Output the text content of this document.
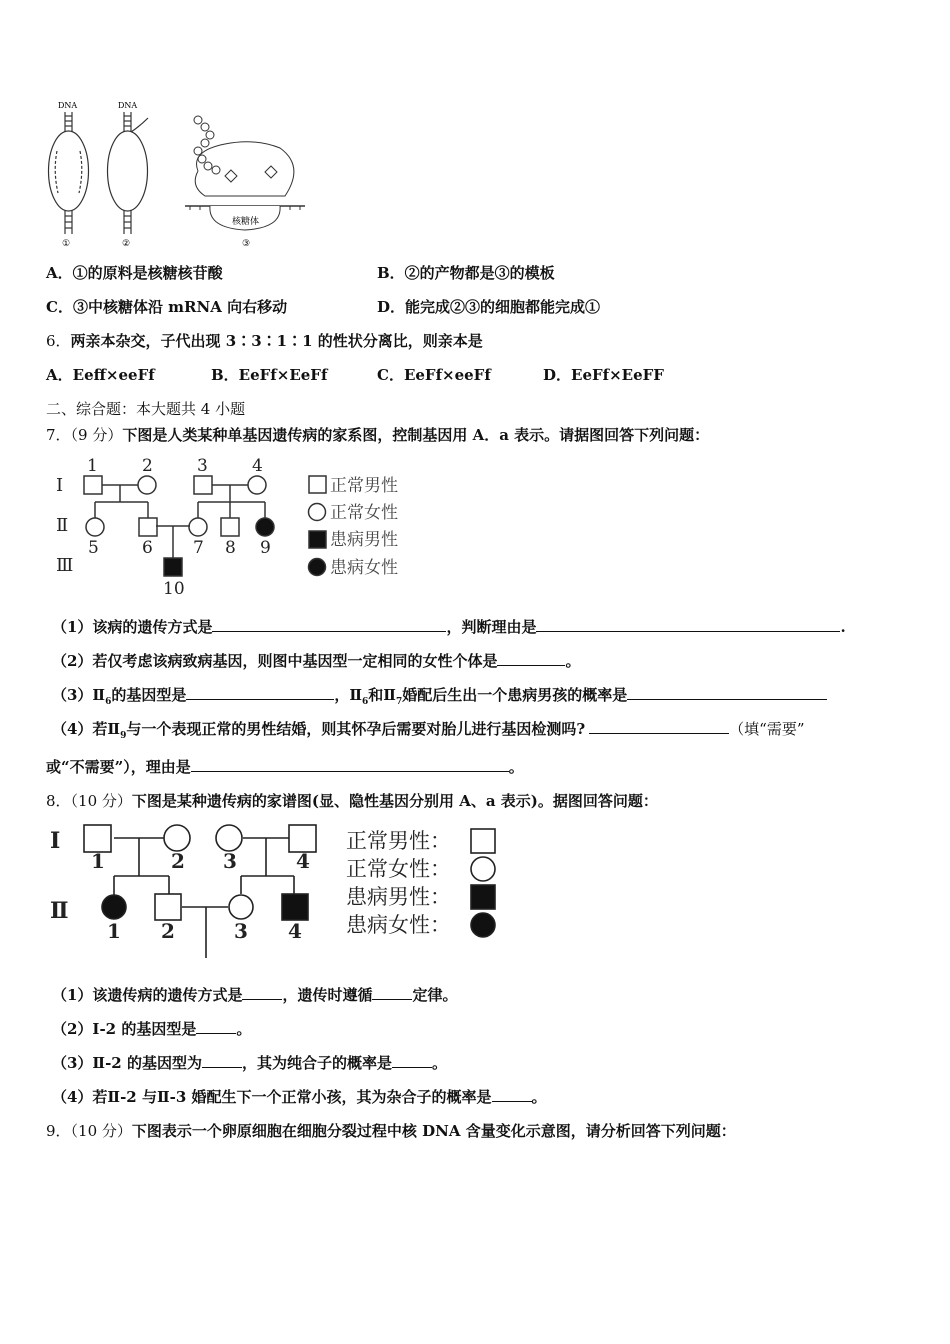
DNA
①
DNA
②
核糖体
③
A．①的原料是核糖核苷酸	B．②的产物都是③的模板
C．③中核糖体沿 mRNA 向右移动	D．能完成②③的细胞都能完成①
6．两亲本杂交，子代出现 3∶3∶1∶1 的性状分离比，则亲本是
A．Eeff×eeFf	B．EeFf×EeFf	C．EeFf×eeFf	D．EeFf×EeFF
二、综合题：本大题共 4 小题
7．（9 分）下图是人类某种单基因遗传病的家系图，控制基因用 A．a 表示。请据图回答下列问题：
Ⅰ
Ⅱ
Ⅲ
1	2	3	4
5	6 7 8 9
10
正常男性
正常女性
患病男性
患病女性
（1）该病的遗传方式是	，判断理由是	.
（2）若仅考虑该病致病基因，则图中基因型一定相同的女性个体是	。
$(3)Ⅱ_6$的基因型是	，$Ⅱ_6$和$Ⅱ_7$婚配后生出一个患病男孩的概率是
（4）若$Ⅱ_9$与一个表现正常的男性结婚，则其怀孕后需要对胎儿进行基因检测吗?	（填“需要”
或“不需要”），理由是	。
8．（10 分）下图是某种遗传病的家谱图(显、隐性基因分别用 A、a 表示)。据图回答问题：
Ⅰ
Ⅱ
1	2 3	4
1 2	3 4
正常男性：
正常女性：
患病男性：
患病女性：
（1）该遗传病的遗传方式是	，遗传时遵循	定律。
（2）Ⅰ-2 的基因型是	。
（3）Ⅱ-2 的基因型为	，其为纯合子的概率是	。
（4）若Ⅱ-2 与Ⅱ-3 婚配生下一个正常小孩，其为杂合子的概率是	。
9．（10 分）下图表示一个卵原细胞在细胞分裂过程中核 DNA 含量变化示意图，请分析回答下列问题：
